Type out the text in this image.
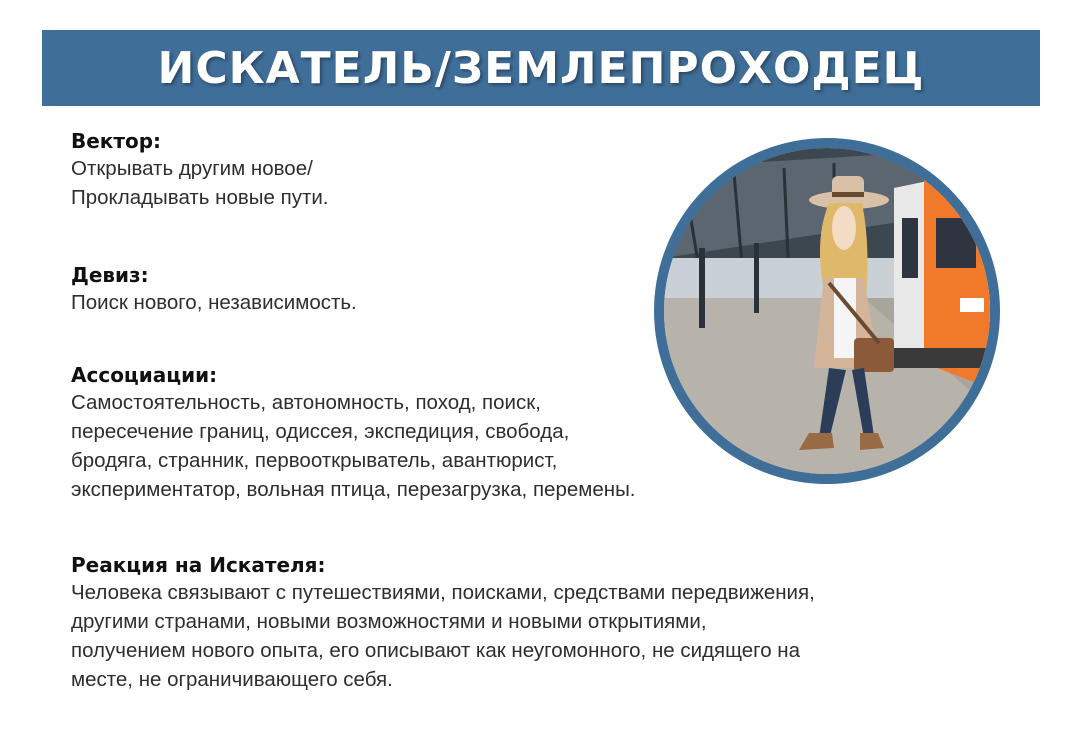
ИСКАТЕЛЬ/ЗЕМЛЕПРОХОДЕЦ

Вектор:

Открывать другим новое/

Прокладывать новые пути.

Девиз:

Поиск нового, независимость.

Ассоциации:

Самостоятельность, автономность, поход, поиск,

пересечение границ, одиссея, экспедиция, свобода,

бродяга, странник, первооткрыватель, авантюрист,

экспериментатор, вольная птица, перезагрузка, перемены.

Реакция на Искателя:

Человека связывают с путешествиями, поисками, средствами передвижения,

другими странами, новыми возможностями и новыми открытиями,

получением нового опыта, его описывают как неугомонного, не сидящего на

месте, не ограничивающего себя.
